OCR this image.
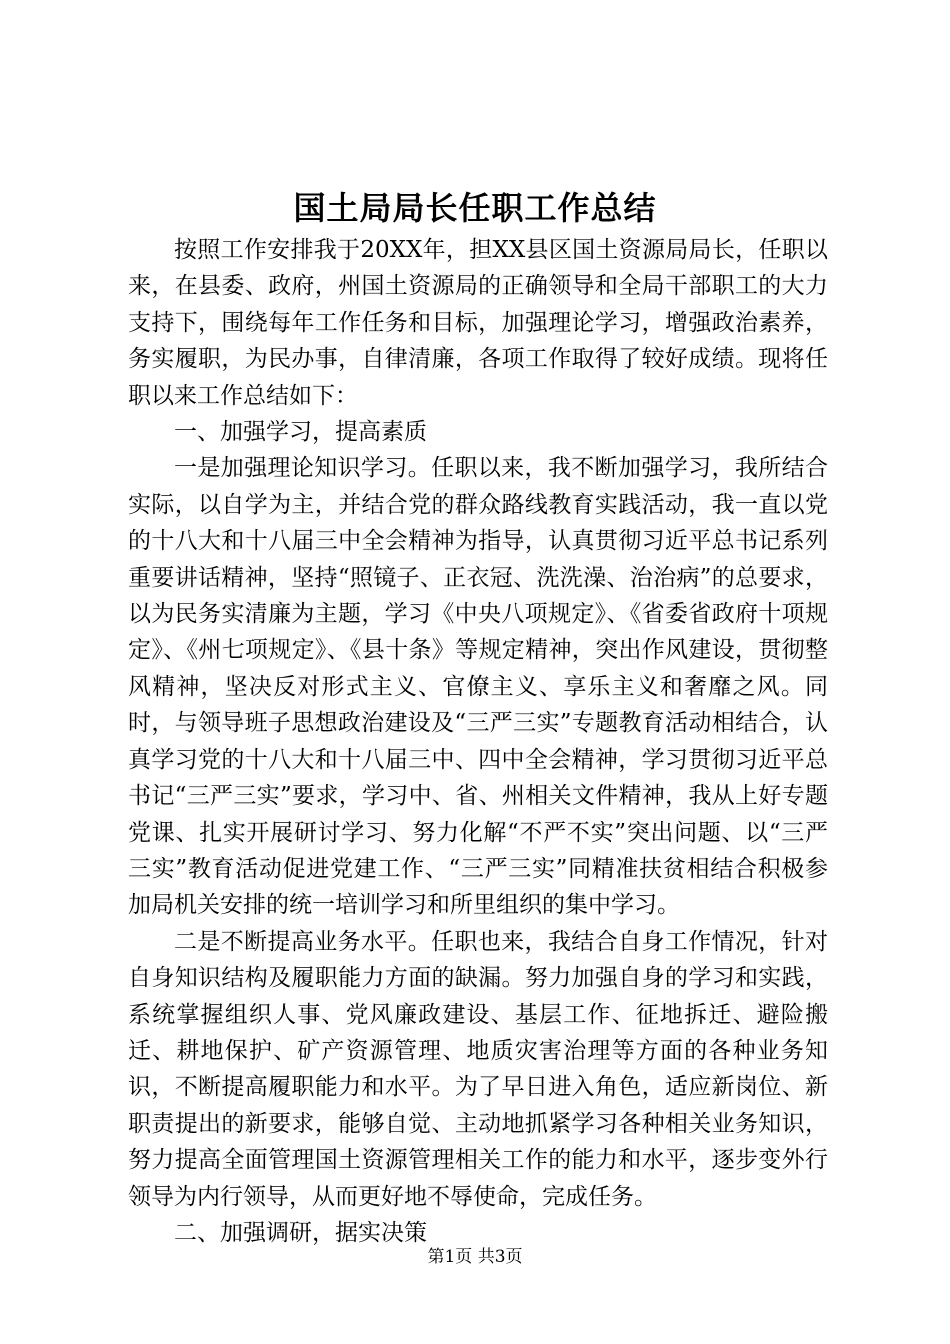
国土局局长任职工作总结

按照工作安排我于20XX年，担XX县区国土资源局局长，任职以来，在县委、政府，州国土资源局的正确领导和全局干部职工的大力支持下，围绕每年工作任务和目标，加强理论学习，增强政治素养，务实履职，为民办事，自律清廉，各项工作取得了较好成绩。现将任职以来工作总结如下：

一、加强学习，提高素质

一是加强理论知识学习。任职以来，我不断加强学习，我所结合实际，以自学为主，并结合党的群众路线教育实践活动，我一直以党的十八大和十八届三中全会精神为指导，认真贯彻习近平总书记系列重要讲话精神，坚持“照镜子、正衣冠、洗洗澡、治治病”的总要求，以为民务实清廉为主题，学习《中央八项规定》、《省委省政府十项规定》、《州七项规定》、《县十条》等规定精神，突出作风建设，贯彻整风精神，坚决反对形式主义、官僚主义、享乐主义和奢靡之风。同时，与领导班子思想政治建设及“三严三实”专题教育活动相结合，认真学习党的十八大和十八届三中、四中全会精神，学习贯彻习近平总书记“三严三实”要求，学习中、省、州相关文件精神，我从上好专题党课、扎实开展研讨学习、努力化解“不严不实”突出问题、以“三严三实”教育活动促进党建工作、“三严三实”同精准扶贫相结合积极参加局机关安排的统一培训学习和所里组织的集中学习。

二是不断提高业务水平。任职也来，我结合自身工作情况，针对自身知识结构及履职能力方面的缺漏。努力加强自身的学习和实践，系统掌握组织人事、党风廉政建设、基层工作、征地拆迁、避险搬迁、耕地保护、矿产资源管理、地质灾害治理等方面的各种业务知识，不断提高履职能力和水平。为了早日进入角色，适应新岗位、新职责提出的新要求，能够自觉、主动地抓紧学习各种相关业务知识，努力提高全面管理国土资源管理相关工作的能力和水平，逐步变外行领导为内行领导，从而更好地不辱使命，完成任务。

二、加强调研，据实决策

第1页 共3页
